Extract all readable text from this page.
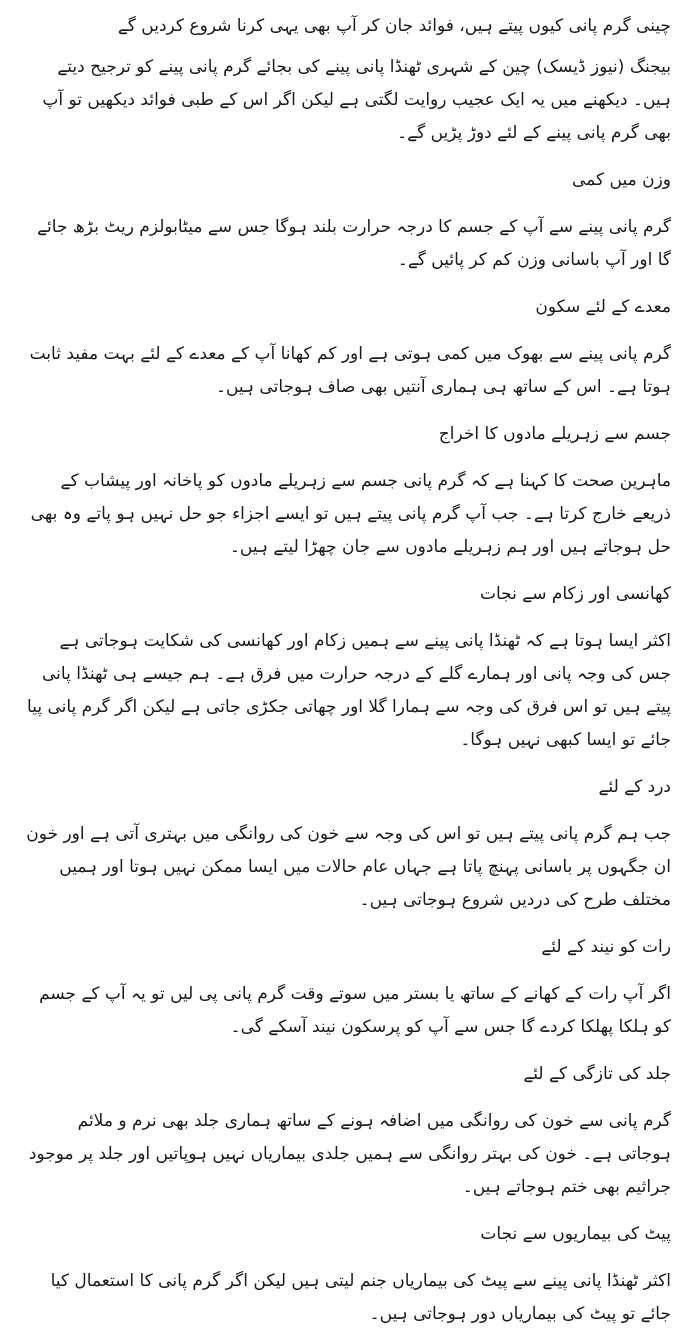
چینی گرم پانی کیوں پیتے ہیں، فوائد جان کر آپ بھی یہی کرنا شروع کردیں گے

بیجنگ (نیوز ڈیسک) چین کے شہری ٹھنڈا پانی پینے کی بجائے گرم پانی پینے کو ترجیح دیتے ہیں۔ دیکھنے میں یہ ایک عجیب روایت لگتی ہے لیکن اگر اس کے طبی فوائد دیکھیں تو آپ بھی گرم پانی پینے کے لئے دوڑ پڑیں گے۔

وزن میں کمی

گرم پانی پینے سے آپ کے جسم کا درجہ حرارت بلند ہوگا جس سے میٹابولزم ریٹ بڑھ جائے گا اور آپ باسانی وزن کم کر پائیں گے۔

معدے کے لئے سکون

گرم پانی پینے سے بھوک میں کمی ہوتی ہے اور کم کھانا آپ کے معدے کے لئے بہت مفید ثابت ہوتا ہے۔ اس کے ساتھ ہی ہماری آنتیں بھی صاف ہوجاتی ہیں۔

جسم سے زہریلے مادوں کا اخراج

ماہرین صحت کا کہنا ہے کہ گرم پانی جسم سے زہریلے مادوں کو پاخانہ اور پیشاب کے ذریعے خارج کرتا ہے۔ جب آپ گرم پانی پیتے ہیں تو ایسے اجزاء جو حل نہیں ہو پاتے وہ بھی حل ہوجاتے ہیں اور ہم زہریلے مادوں سے جان چھڑا لیتے ہیں۔

کھانسی اور زکام سے نجات

اکثر ایسا ہوتا ہے کہ ٹھنڈا پانی پینے سے ہمیں زکام اور کھانسی کی شکایت ہوجاتی ہے جس کی وجہ پانی اور ہمارے گلے کے درجہ حرارت میں فرق ہے۔ ہم جیسے ہی ٹھنڈا پانی پیتے ہیں تو اس فرق کی وجہ سے ہمارا گلا اور چھاتی جکڑی جاتی ہے لیکن اگر گرم پانی پیا جائے تو ایسا کبھی نہیں ہوگا۔

درد کے لئے

جب ہم گرم پانی پیتے ہیں تو اس کی وجہ سے خون کی روانگی میں بہتری آتی ہے اور خون ان جگہوں پر باسانی پہنچ پاتا ہے جہاں عام حالات میں ایسا ممکن نہیں ہوتا اور ہمیں مختلف طرح کی دردیں شروع ہوجاتی ہیں۔

رات کو نیند کے لئے

اگر آپ رات کے کھانے کے ساتھ یا بستر میں سوتے وقت گرم پانی پی لیں تو یہ آپ کے جسم کو ہلکا پھلکا کردے گا جس سے آپ کو پرسکون نیند آسکے گی۔

جلد کی تازگی کے لئے

گرم پانی سے خون کی روانگی میں اضافہ ہونے کے ساتھ ہماری جلد بھی نرم و ملائم ہوجاتی ہے۔ خون کی بہتر روانگی سے ہمیں جلدی بیماریاں نہیں ہوپاتیں اور جلد پر موجود جراثیم بھی ختم ہوجاتے ہیں۔

پیٹ کی بیماریوں سے نجات

اکثر ٹھنڈا پانی پینے سے پیٹ کی بیماریاں جنم لیتی ہیں لیکن اگر گرم پانی کا استعمال کیا جائے تو پیٹ کی بیماریاں دور ہوجاتی ہیں۔
